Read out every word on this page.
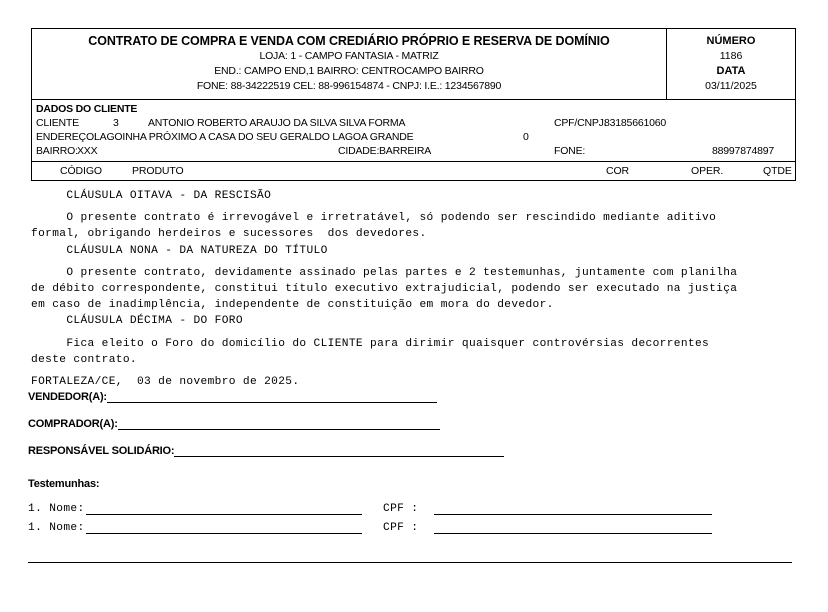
CONTRATO DE COMPRA E VENDA COM CREDIÁRIO PRÓPRIO E RESERVA DE DOMÍNIO
LOJA: 1 - CAMPO FANTASIA - MATRIZ
END.: CAMPO END,1 BAIRRO: CENTROCAMPO BAIRRO
FONE: 88-34222519 CEL: 88-996154874 - CNPJ: I.E.: 1234567890
NÚMERO
1186
DATA
03/11/2025
DADOS DO CLIENTE
CLIENTE	3	ANTONIO ROBERTO ARAUJO DA SILVA SILVA FORMA	CPF/CNPJ:
83185661060
ENDEREÇO:
LAGOINHA PRÓXIMO A CASA DO SEU GERALDO LAGOA GRANDE	0
BAIRRO: XXX	CIDADE: BARREIRA	FONE:	88997874897
CÓDIGO	PRODUTO	COR	OPER.	QTDE
CLÁUSULA OITAVA - DA RESCISÃO
O presente contrato é irrevogável e irretratável, só podendo ser rescindido mediante aditivo
formal, obrigando herdeiros e sucessores  dos devedores.
CLÁUSULA NONA - DA NATUREZA DO TÍTULO
O presente contrato, devidamente assinado pelas partes e 2 testemunhas, juntamente com planilha
de débito correspondente, constitui título executivo extrajudicial, podendo ser executado na justiça
em caso de inadimplência, independente de constituição em mora do devedor.
CLÁUSULA DÉCIMA - DO FORO
Fica eleito o Foro do domicílio do CLIENTE para dirimir quaisquer controvérsias decorrentes
deste contrato.
FORTALEZA/CE,  03 de novembro de 2025.
VENDEDOR(A):
COMPRADOR(A):
RESPONSÁVEL SOLIDÁRIO:
Testemunhas:
1. Nome:	CPF :
1. Nome:	CPF :
